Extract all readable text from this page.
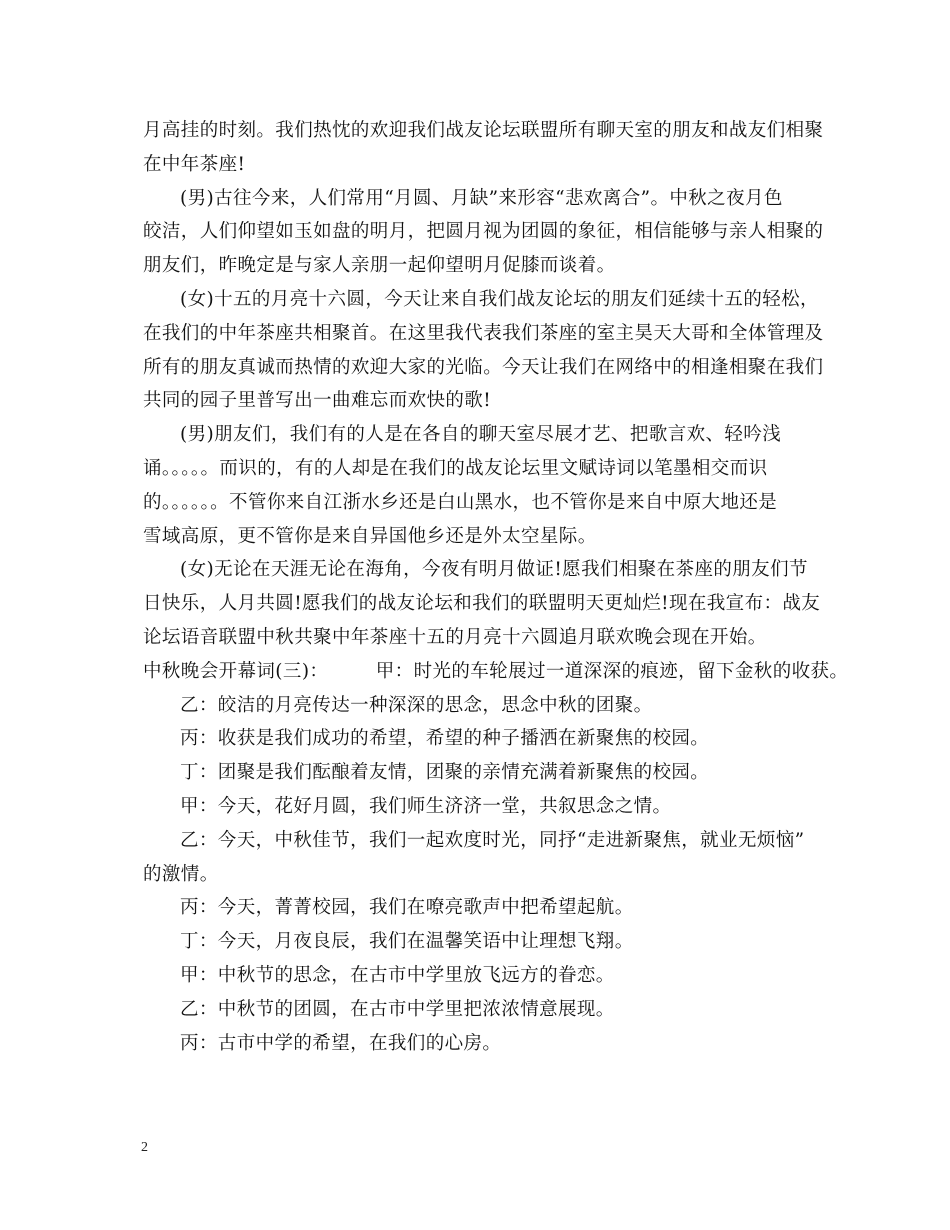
月高挂的时刻。我们热忱的欢迎我们战友论坛联盟所有聊天室的朋友和战友们相聚
在中年茶座!
(男)古往今来，人们常用“月圆、月缺”来形容“悲欢离合”。中秋之夜月色
皎洁，人们仰望如玉如盘的明月，把圆月视为团圆的象征，相信能够与亲人相聚的
朋友们，昨晚定是与家人亲朋一起仰望明月促膝而谈着。
(女)十五的月亮十六圆，今天让来自我们战友论坛的朋友们延续十五的轻松，
在我们的中年茶座共相聚首。在这里我代表我们茶座的室主昊天大哥和全体管理及
所有的朋友真诚而热情的欢迎大家的光临。今天让我们在网络中的相逢相聚在我们
共同的园子里普写出一曲难忘而欢快的歌!
(男)朋友们，我们有的人是在各自的聊天室尽展才艺、把歌言欢、轻吟浅
诵。。。。。而识的，有的人却是在我们的战友论坛里文赋诗词以笔墨相交而识
的。。。。。。不管你来自江浙水乡还是白山黑水，也不管你是来自中原大地还是
雪域高原，更不管你是来自异国他乡还是外太空星际。
(女)无论在天涯无论在海角，今夜有明月做证!愿我们相聚在茶座的朋友们节
日快乐，人月共圆!愿我们的战友论坛和我们的联盟明天更灿烂!现在我宣布：战友
论坛语音联盟中秋共聚中年茶座十五的月亮十六圆追月联欢晚会现在开始。
中秋晚会开幕词(三)：　　　甲：时光的车轮展过一道深深的痕迹，留下金秋的收获。
乙：皎洁的月亮传达一种深深的思念，思念中秋的团聚。
丙：收获是我们成功的希望，希望的种子播洒在新聚焦的校园。
丁：团聚是我们酝酿着友情，团聚的亲情充满着新聚焦的校园。
甲：今天，花好月圆，我们师生济济一堂，共叙思念之情。
乙：今天，中秋佳节，我们一起欢度时光，同抒“走进新聚焦，就业无烦恼”
的激情。
丙：今天，菁菁校园，我们在嘹亮歌声中把希望起航。
丁：今天，月夜良辰，我们在温馨笑语中让理想飞翔。
甲：中秋节的思念，在古市中学里放飞远方的眷恋。
乙：中秋节的团圆，在古市中学里把浓浓情意展现。
丙：古市中学的希望，在我们的心房。
2
